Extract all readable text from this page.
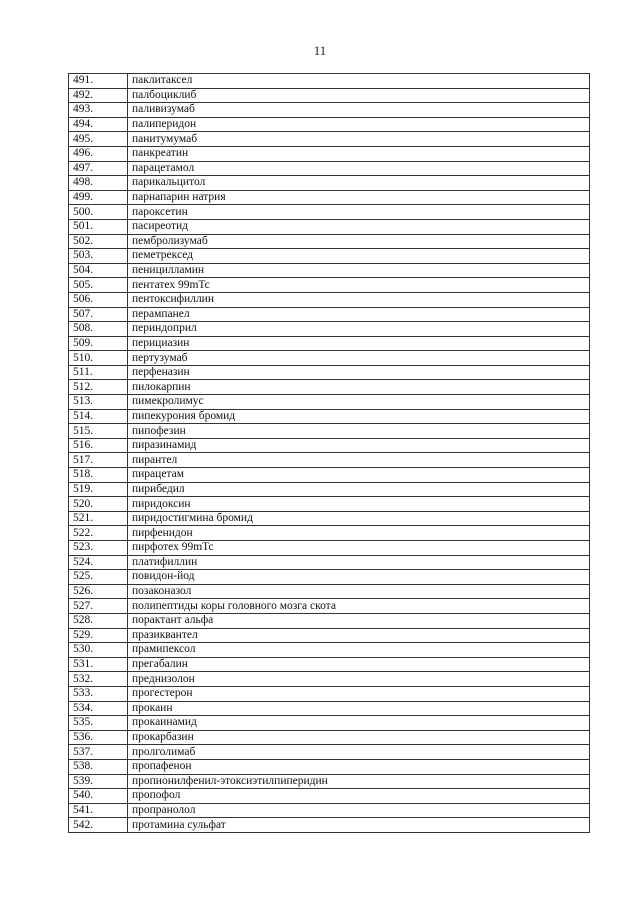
11
491.	паклитаксел
492.	палбоциклиб
493.	паливизумаб
494.	палиперидон
495.	панитумумаб
496.	панкреатин
497.	парацетамол
498.	парикальцитол
499.	парнапарин натрия
500.	пароксетин
501.	пасиреотид
502.	пембролизумаб
503.	пеметрексед
504.	пеницилламин
505.	пентатех 99mTc
506.	пентоксифиллин
507.	перампанел
508.	периндоприл
509.	перициазин
510.	пертузумаб
511.	перфеназин
512.	пилокарпин
513.	пимекролимус
514.	пипекурония бромид
515.	пипофезин
516.	пиразинамид
517.	пирантел
518.	пирацетам
519.	пирибедил
520.	пиридоксин
521.	пиридостигмина бромид
522.	пирфенидон
523.	пирфотех 99mTc
524.	платифиллин
525.	повидон-йод
526.	позаконазол
527.	полипептиды коры головного мозга скота
528.	порактант альфа
529.	празиквантел
530.	прамипексол
531.	прегабалин
532.	преднизолон
533.	прогестерон
534.	прокаин
535.	прокаинамид
536.	прокарбазин
537.	пролголимаб
538.	пропафенон
539.	пропионилфенил-этоксиэтилпиперидин
540.	пропофол
541.	пропранолол
542.	протамина сульфат
